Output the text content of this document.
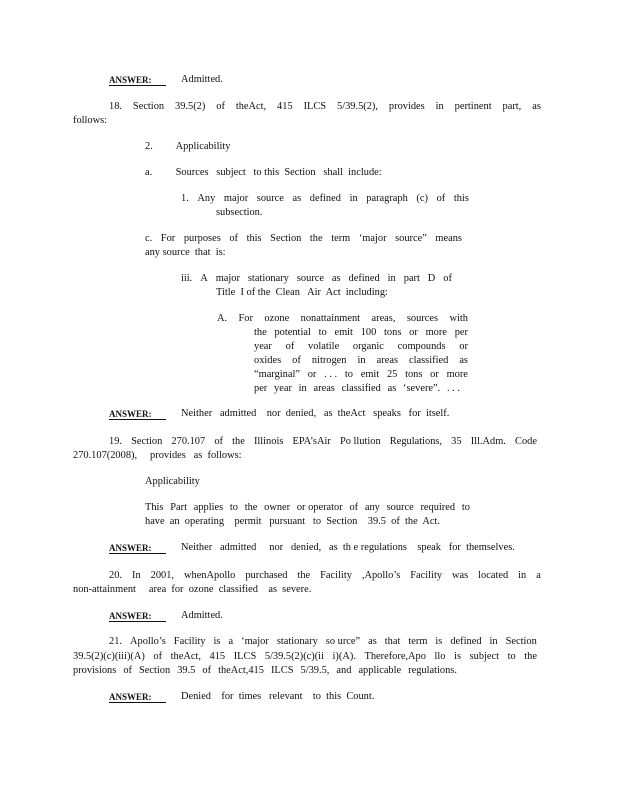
ANSWER:	Admitted.
18. Section 39.5(2) of theAct, 415 ILCS 5/39.5(2), provides in pertinent part, as
follows:
2.         Applicability
a.         Sources   subject   to this  Section   shall  include:
1. Any major source as defined in paragraph (c) of this
subsection.
c. For purposes of this Section the term ‘major source” means
any source  that  is:
iii. A major stationary source as defined in part D of
Title  I of the  Clean   Air  Act  including:
A. For ozone nonattainment areas, sources with
the potential to emit 100 tons or more per
year of volatile organic compounds or
oxides of nitrogen in areas classified as
“marginal” or . . . to emit 25 tons or more
per year in areas classified as ‘severe”. . . .
ANSWER:	Neither   admitted    nor  denied,   as  theAct   speaks   for  itself.
19. Section 270.107 of the Illinois EPA’sAir Po llution Regulations, 35 Ill.Adm. Code
270.107(2008),     provides   as  follows:
Applicability
This Part applies to the owner or operator of any source required to
have  an  operating    permit   pursuant   to  Section    39.5  of  the  Act.
ANSWER:	Neither   admitted     nor   denied,   as  th e regulations    speak   for  themselves.
20. In 2001, whenApollo purchased the Facility ,Apollo’s Facility was located in a
non-attainment     area  for  ozone  classified    as  severe.
ANSWER:	Admitted.
21. Apollo’s Facility is a ‘major stationary so urce” as that term is defined in Section
39.5(2)(c)(iii)(A) of theAct, 415 ILCS 5/39.5(2)(c)(ii i)(A). Therefore,Apo llo is subject to the
provisions of Section 39.5 of theAct,415 ILCS 5/39.5, and applicable regulations.
ANSWER:	Denied    for  times   relevant    to  this  Count.
